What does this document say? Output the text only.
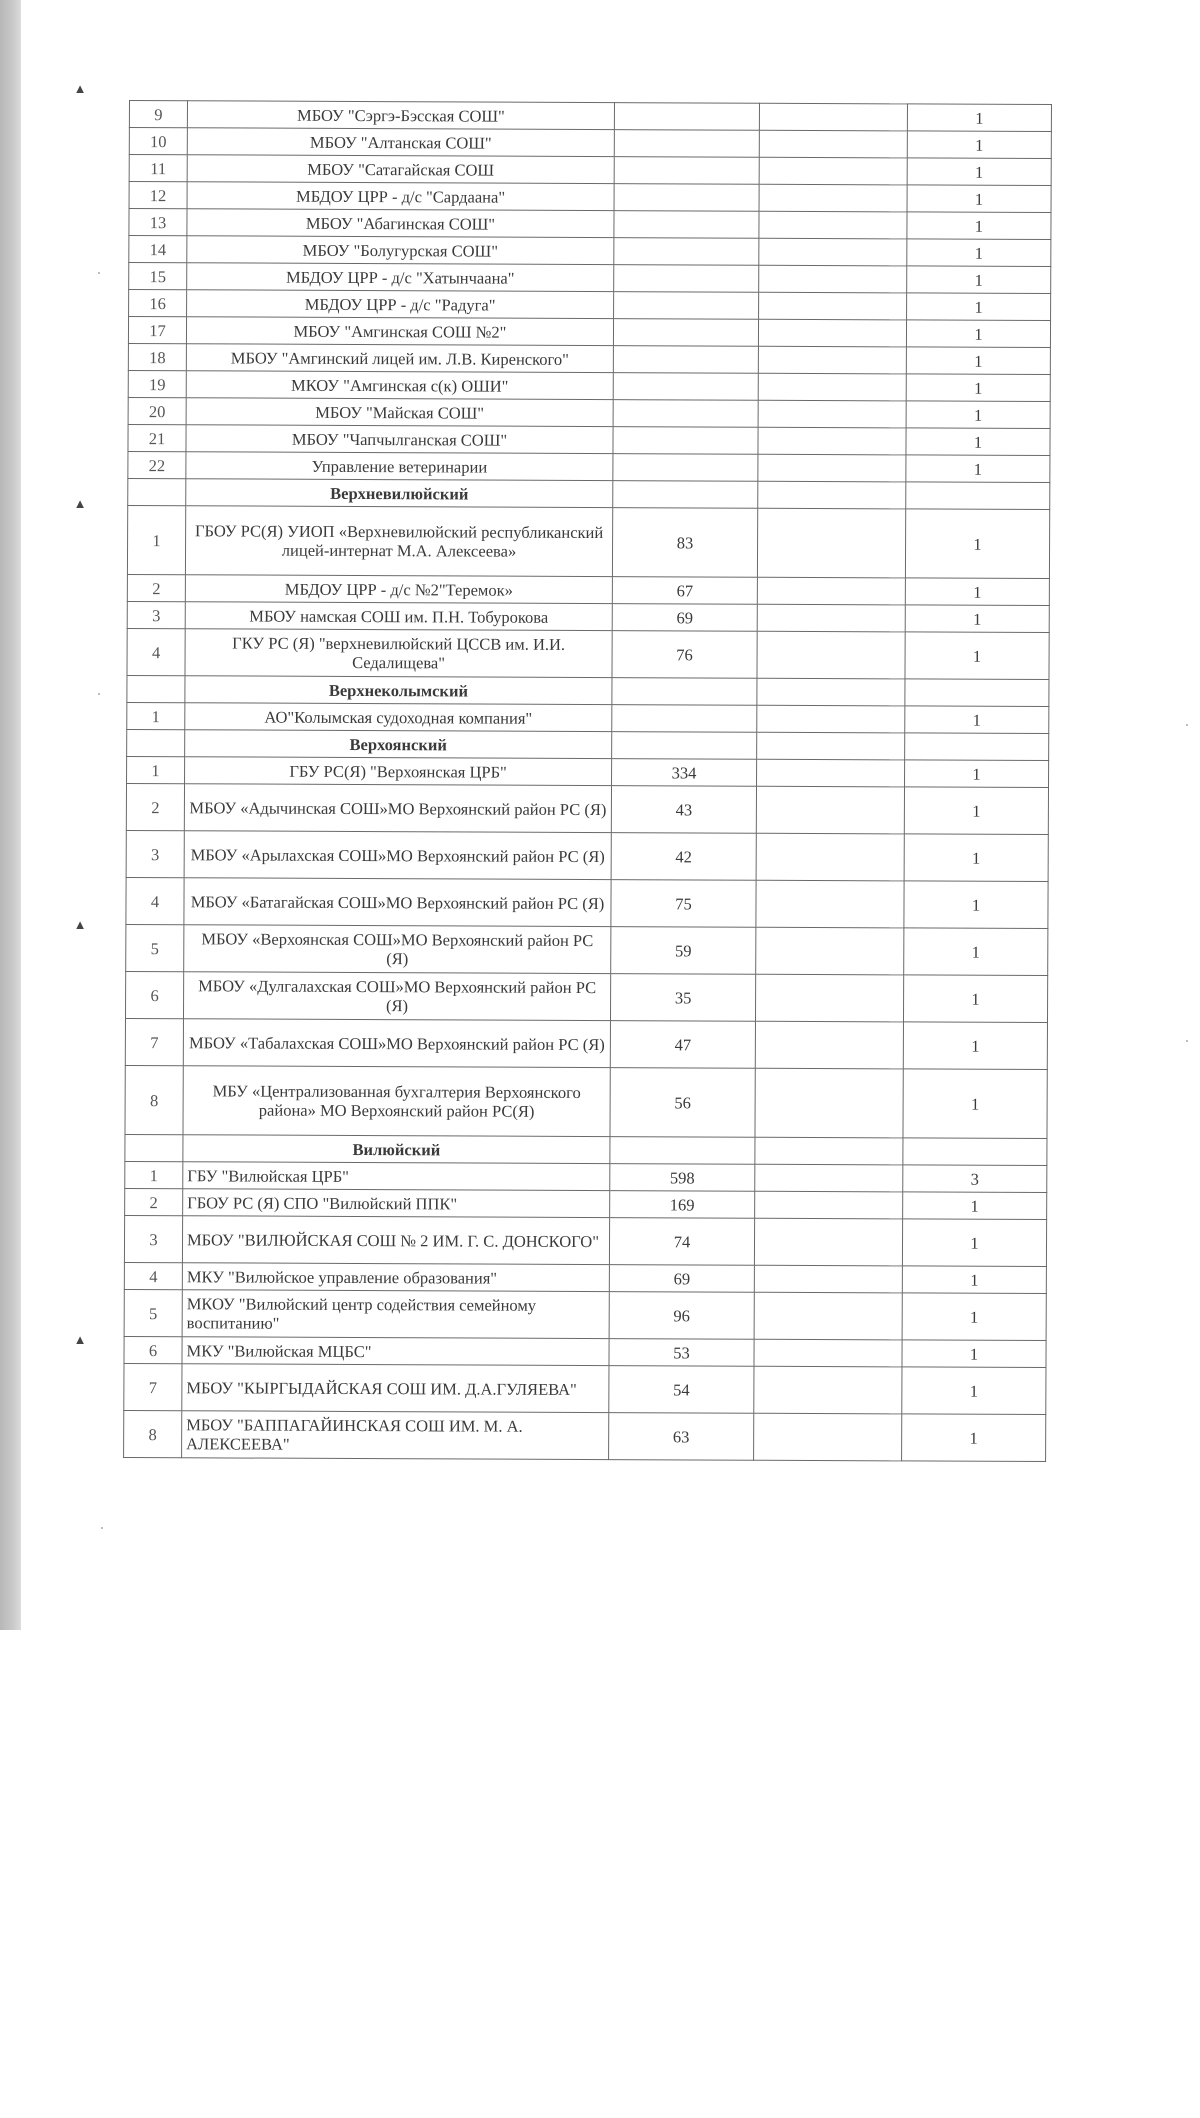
▲
▲
▲
▲
9	МБОУ "Сэргэ-Бэсская СОШ"			1
10	МБОУ "Алтанская СОШ"			1
11	МБОУ "Сатагайская СОШ			1
12	МБДОУ ЦРР - д/с "Сардаана"			1
13	МБОУ "Абагинская СОШ"			1
14	МБОУ "Болугурская СОШ"			1
15	МБДОУ ЦРР - д/с "Хатынчаана"			1
16	МБДОУ ЦРР - д/с "Радуга"			1
17	МБОУ "Амгинская СОШ №2"			1
18	МБОУ "Амгинский лицей им. Л.В. Киренского"			1
19	МКОУ "Амгинская с(к) ОШИ"			1
20	МБОУ "Майская СОШ"			1
21	МБОУ "Чапчылганская СОШ"			1
22	Управление ветеринарии			1
	Верхневилюйский			
1	ГБОУ РС(Я) УИОП «Верхневилюйский республиканский лицей-интернат М.А. Алексеева»	83		1
2	МБДОУ ЦРР - д/с №2"Теремок»	67		1
3	МБОУ намская СОШ им. П.Н. Тобурокова	69		1
4	ГКУ РС (Я) "верхневилюйский ЦССВ им. И.И. Седалищева"	76		1
	Верхнеколымский			
1	АО"Колымская судоходная компания"			1
	Верхоянский			
1	ГБУ РС(Я) "Верхоянская ЦРБ"	334		1
2	МБОУ «Адычинская СОШ»МО Верхоянский район РС (Я)	43		1
3	МБОУ «Арылахская СОШ»МО Верхоянский район РС (Я)	42		1
4	МБОУ «Батагайская СОШ»МО Верхоянский район РС (Я)	75		1
5	МБОУ «Верхоянская СОШ»МО Верхоянский район РС (Я)	59		1
6	МБОУ «Дулгалахская СОШ»МО Верхоянский район РС (Я)	35		1
7	МБОУ «Табалахская СОШ»МО Верхоянский район РС (Я)	47		1
8	МБУ «Централизованная бухгалтерия Верхоянского района» МО Верхоянский район РС(Я)	56		1
	Вилюйский			
1	ГБУ "Вилюйская ЦРБ"	598		3
2	ГБОУ РС (Я) СПО "Вилюйский ППК"	169		1
3	МБОУ "ВИЛЮЙСКАЯ СОШ № 2 ИМ. Г. С. ДОНСКОГО"	74		1
4	МКУ "Вилюйское управление образования"	69		1
5	МКОУ "Вилюйский центр содействия семейному воспитанию"	96		1
6	МКУ "Вилюйская МЦБС"	53		1
7	МБОУ "КЫРГЫДАЙСКАЯ СОШ ИМ. Д.А.ГУЛЯЕВА"	54		1
8	МБОУ "БАППАГАЙИНСКАЯ СОШ ИМ. М. А. АЛЕКСЕЕВА"	63		1
